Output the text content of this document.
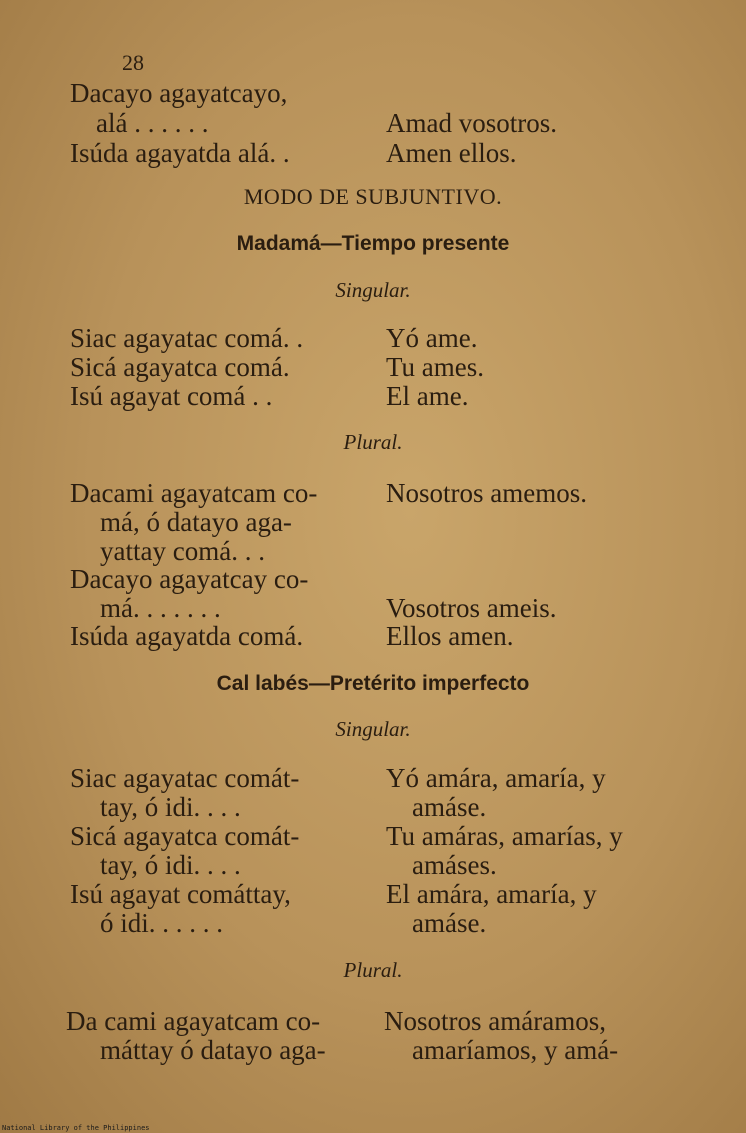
28
Dacayo agayatcayo,
alá . . . . . .	Amad vosotros.
Isúda agayatda alá. .	Amen ellos.
MODO DE SUBJUNTIVO.
Madamá—Tiempo presente
Singular.
Siac agayatac comá. .	Yó ame.
Sicá agayatca comá.	Tu ames.
Isú agayat comá . .	El ame.
Plural.
Dacami agayatcam co-	Nosotros amemos.
má, ó datayo aga-
yattay comá. . .
Dacayo agayatcay co-
má. . . . . . .	Vosotros ameis.
Isúda agayatda comá.	Ellos amen.
Cal labés—Pretérito imperfecto
Singular.
Siac agayatac comát-	Yó amára, amaría, y
tay, ó idi. . . .	amáse.
Sicá agayatca comát-	Tu amáras, amarías, y
tay, ó idi. . . .	amáses.
Isú agayat comáttay,	El amára, amaría, y
ó idi. . . . . .	amáse.
Plural.
Da cami agayatcam co- Nosotros amáramos,
máttay ó datayo aga-	amaríamos, y amá-
National Library of the Philippines
